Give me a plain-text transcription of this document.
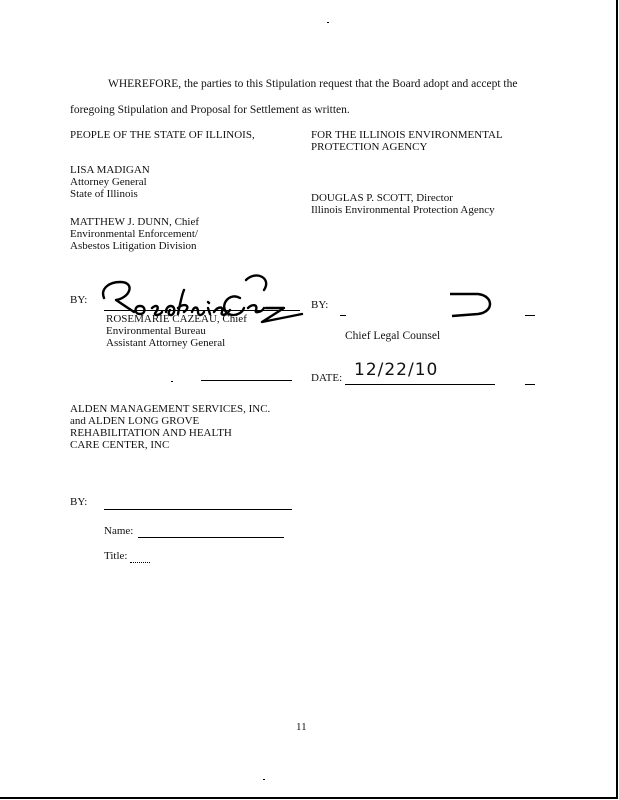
WHEREFORE, the parties to this Stipulation request that the Board adopt and accept the
foregoing Stipulation and Proposal for Settlement as written.
PEOPLE OF THE STATE OF ILLINOIS,	FOR THE ILLINOIS ENVIRONMENTAL
PROTECTION AGENCY
LISA MADIGAN
Attorney General
State of Illinois	DOUGLAS P. SCOTT, Director
Illinois Environmental Protection Agency
MATTHEW J. DUNN, Chief
Environmental Enforcement/
Asbestos Litigation Division
BY:
ROSEMARIE CAZEAU, Chief
Environmental Bureau
Assistant Attorney General
BY:
Chief Legal Counsel
DATE: 12/22/10
ALDEN MANAGEMENT SERVICES, INC.
and ALDEN LONG GROVE
REHABILITATION AND HEALTH
CARE CENTER, INC
BY:
Name:
Title:
11
